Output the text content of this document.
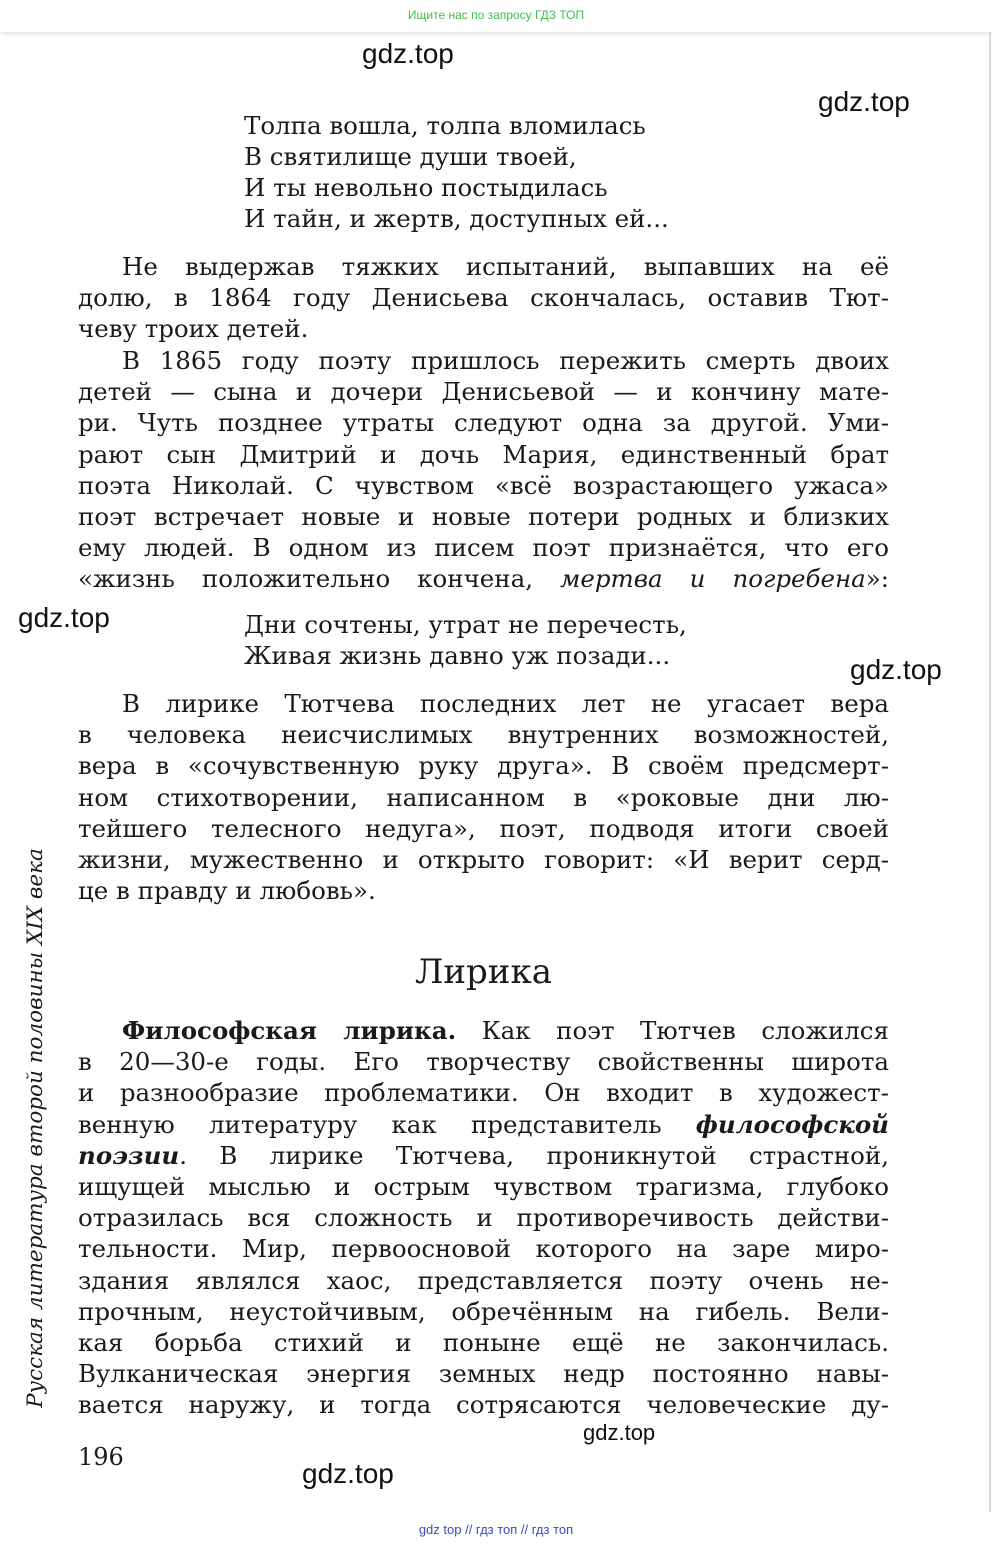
Ищите нас по запросу ГДЗ ТОП
gdz.top
gdz.top
gdz.top
gdz.top
gdz.top
gdz.top
Толпа вошла, толпа вломилась
В святилище души твоей,
И ты невольно постыдилась
И тайн, и жертв, доступных ей...
Не выдержав тяжких испытаний, выпавших на её
долю, в 1864 году Денисьева скончалась, оставив Тют-
чеву троих детей.
В 1865 году поэту пришлось пережить смерть двоих
детей — сына и дочери Денисьевой — и кончину мате-
ри. Чуть позднее утраты следуют одна за другой. Уми-
рают сын Дмитрий и дочь Мария, единственный брат
поэта Николай. С чувством «всё возрастающего ужаса»
поэт встречает новые и новые потери родных и близких
ему людей. В одном из писем поэт признаётся, что его
«жизнь положительно кончена, мертва и погребена»:
Дни сочтены, утрат не перечесть,
Живая жизнь давно уж позади...
В лирике Тютчева последних лет не угасает вера
в человека неисчислимых внутренних возможностей,
вера в «сочувственную руку друга». В своём предсмерт-
ном стихотворении, написанном в «роковые дни лю-
тейшего телесного недуга», поэт, подводя итоги своей
жизни, мужественно и открыто говорит: «И верит серд-
це в правду и любовь».
Лирика
Философская лирика. Как поэт Тютчев сложился
в 20—30-е годы. Его творчеству свойственны широта
и разнообразие проблематики. Он входит в художест-
венную литературу как представитель философской
поэзии. В лирике Тютчева, проникнутой страстной,
ищущей мыслью и острым чувством трагизма, глубоко
отразилась вся сложность и противоречивость действи-
тельности. Мир, первоосновой которого на заре миро-
здания являлся хаос, представляется поэту очень не-
прочным, неустойчивым, обречённым на гибель. Вели-
кая борьба стихий и поныне ещё не закончилась.
Вулканическая энергия земных недр постоянно навы-
вается наружу, и тогда сотрясаются человеческие ду-
Русская литература второй половины XIX века
196
gdz top // гдз топ // гдз топ
